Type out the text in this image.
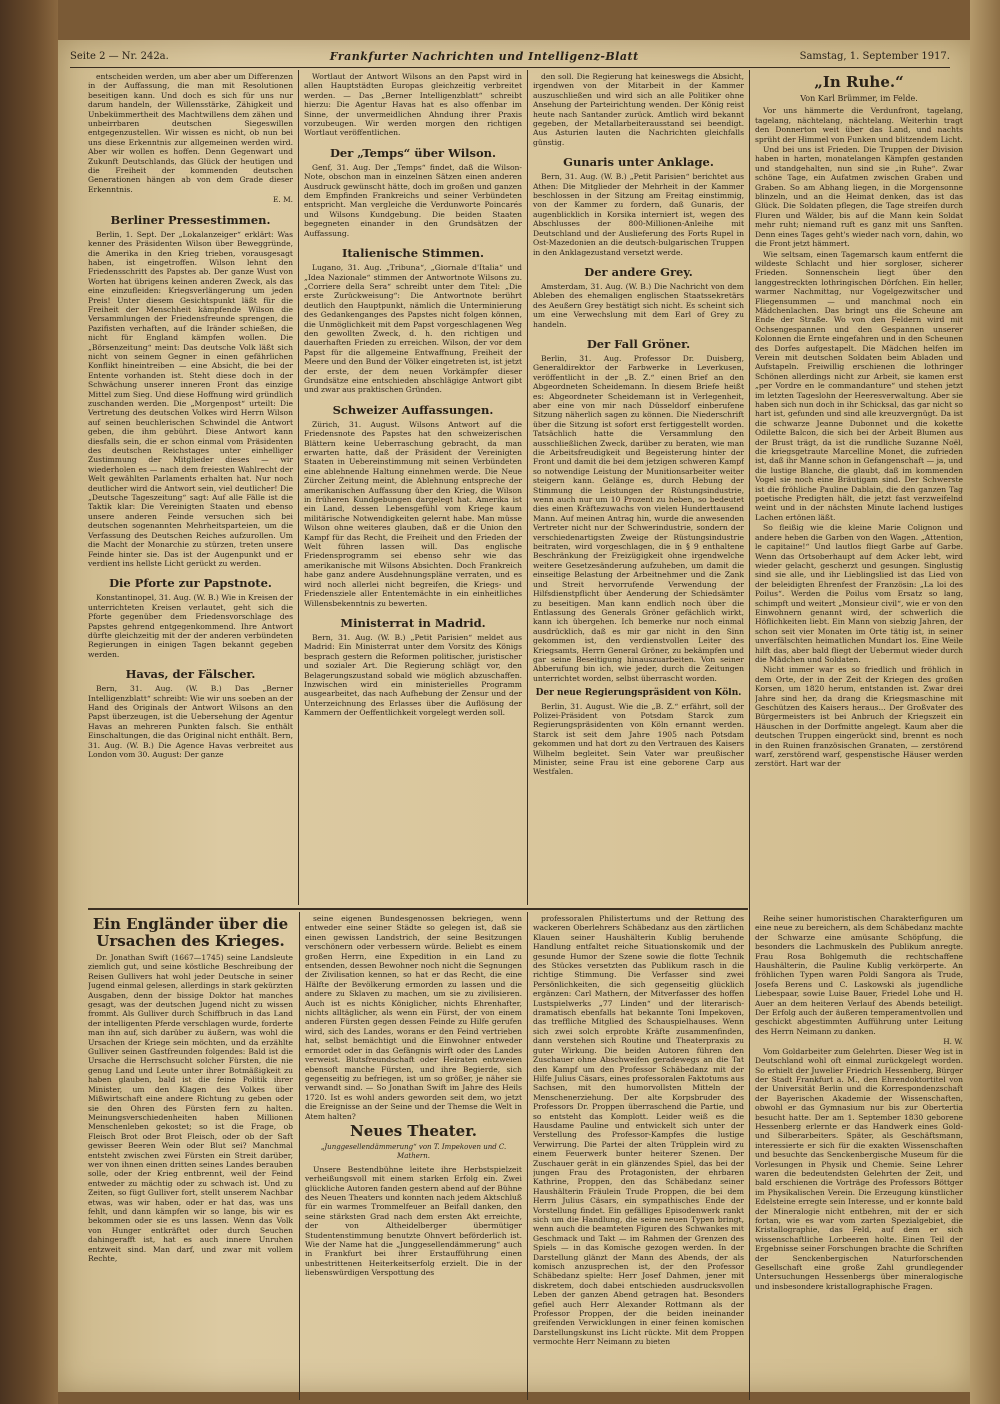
Seite 2 — Nr. 242a.	Frankfurter Nachrichten und Intelligenz-Blatt	Samstag, 1. September 1917.

entscheiden werden, um aber aber um Differenzen in der Auffassung, die man mit Resolutionen beseitigen kann. Und doch es sich für uns nur darum handeln, der Willensstärke, Zähigkeit und Unbekümmertheit des Machtwillens dem zähen und unbeirrbaren deutschen Siegeswillen entgegenzustellen. Wir wissen es nicht, ob nun bei uns diese Erkenntnis zur allgemeinen werden wird. Aber wir wollen es hoffen. Denn Gegenwart und Zukunft Deutschlands, das Glück der heutigen und die Freiheit der kommenden deutschen Generationen hängen ab von dem Grade dieser Erkenntnis.

E. M.
Berliner Pressestimmen.

Berlin, 1. Sept. Der „Lokalanzeiger“ erklärt: Was kenner des Präsidenten Wilson über Beweggründe, die Amerika in den Krieg trieben, vorausgesagt haben, ist eingetroffen. Wilson lehnt den Friedensschritt des Papstes ab. Der ganze Wust von Worten hat übrigens keinen anderen Zweck, als das eine einzufleiden: Kriegsverlängerung um jeden Preis! Unter diesem Gesichtspunkt läßt für die Freiheit der Menschheit kämpfende Wilson die Versammlungen der Friedensfreunde sprengen, die Pazifisten verhaften, auf die Iränder schießen, die nicht für England kämpfen wollen. Die „Börsenzeitung“ meint: Das deutsche Volk läßt sich nicht von seinem Gegner in einen gefährlichen Konflikt hineintreiben — eine Absicht, die bei der Entente vorhanden ist. Steht diese doch in der Schwächung unserer inneren Front das einzige Mittel zum Sieg. Und diese Hoffnung wird gründlich zuschanden werden. Die „Morgenpost“ urteilt: Die Vertretung des deutschen Volkes wird Herrn Wilson auf seinen beuchlerischen Schwindel die Antwort geben, die ihm gebührt. Diese Antwort kann diesfalls sein, die er schon einmal vom Präsidenten des deutschen Reichstages unter einhelliger Zustimmung der Mitglieder dieses — wir wiederholen es — nach dem freiesten Wahlrecht der Welt gewählten Parlaments erhalten hat. Nur noch deutlicher wird die Antwort sein, viel deutlicher! Die „Deutsche Tageszeitung“ sagt: Auf alle Fälle ist die Taktik klar: Die Vereinigten Staaten und ebenso unsere anderen Feinde versuchen sich bei deutschen sogenannten Mehrheitsparteien, um die Verfassung des Deutschen Reiches aufzurollen. Um die Macht der Monarchie zu stürzen, treten unsere Feinde hinter sie. Das ist der Augenpunkt und er verdient ins hellste Licht gerückt zu werden.

Die Pforte zur Papstnote.

Konstantinopel, 31. Aug. (W. B.) Wie in Kreisen der unterrichteten Kreisen verlautet, geht sich die Pforte gegenüber dem Friedensvorschlage des Papstes gehrend entgegenkommend. Ihre Antwort dürfte gleichzeitig mit der der anderen verbündeten Regierungen in einigen Tagen bekannt gegeben werden.

Havas, der Fälscher.

Bern, 31. Aug. (W. B.) Das „Berner Intelligenzblatt“ schreibt: Wie wir uns soeben an der Hand des Originals der Antwort Wilsons an den Papst überzeugen, ist die Uebersehung der Agentur Havas an mehreren Punkten falsch. Sie enthält Einschaltungen, die das Original nicht enthält. Bern, 31. Aug. (W. B.) Die Agence Havas verbreitet aus London vom 30. August: Der ganze

Wortlaut der Antwort Wilsons an den Papst wird in allen Hauptstädten Europas gleichzeitig verbreitet werden. — Das „Berner Intelligenzblatt“ schreibt hierzu: Die Agentur Havas hat es also offenbar im Sinne, der unvermeidlichen Ahndung ihrer Praxis vorzubeugen. Wir werden morgen den richtigen Wortlaut veröffentlichen.

Der „Temps“ über Wilson.

Genf, 31. Aug. Der „Temps“ findet, daß die Wilson-Note, obschon man in einzelnen Sätzen einen anderen Ausdruck gewünscht hätte, doch im großen und ganzen dem Empfinden Frankreichs und seiner Verbündeten entspricht. Man vergleiche die Verdunworte Poincarés und Wilsons Kundgebung. Die beiden Staaten begegneten einander in den Grundsätzen der Auffassung.

Italienische Stimmen.

Lugano, 31. Aug. „Tribuna“, „Giornale d'Italia“ und „Idea Nazionale“ stimmen der Antwortnote Wilsons zu. „Corriere della Sera“ schreibt unter dem Titel: „Die erste Zurückweisung“: Die Antwortnote berührt deutlich den Hauptpunkt, nämlich die Unterminierung des Gedankenganges des Papstes nicht folgen können, die Unmöglichkeit mit dem Papst vorgeschlagenen Weg den gewollten Zweck, d. h. den richtigen und dauerhaften Frieden zu erreichen. Wilson, der vor dem Papst für die allgemeine Entwaffnung, Freiheit der Meere und den Bund der Völker eingetreten ist, ist jetzt der erste, der dem neuen Vorkämpfer dieser Grundsätze eine entschieden abschlägige Antwort gibt und zwar aus praktischen Gründen.

Schweizer Auffassungen.

Zürich, 31. August. Wilsons Antwort auf die Friedensnote des Papstes hat den schweizerischen Blättern keine Ueberraschung gebracht, da man erwarten hatte, daß der Präsident der Vereinigten Staaten in Uebereinstimmung mit seinen Verbündeten eine ablehnende Haltung einnehmen werde. Die Neue Zürcher Zeitung meint, die Ablehnung entspreche der amerikanischen Auffassung über den Krieg, die Wilson in früheren Kundgebungen dargelegt hat. Amerika ist ein Land, dessen Lebensgefühl vom Kriege kaum militärische Notwendigkeiten gelernt habe. Man müsse Wilson ohne weiteres glauben, daß er die Union den Kampf für das Recht, die Freiheit und den Frieden der Welt führen lassen will. Das englische Friedensprogramm sei ebenso sehr wie das amerikanische mit Wilsons Absichten. Doch Frankreich habe ganz andere Ausdehnungspläne verraten, und es wird noch allerlei nicht begreifen, die Kriegs- und Friedensziele aller Ententemächte in ein einheitliches Willensbekenntnis zu bewerten.

Ministerrat in Madrid.

Bern, 31. Aug. (W. B.) „Petit Parisien“ meldet aus Madrid: Ein Ministerrat unter dem Vorsitz des Königs besprach gestern die Reformen politischer, juristischer und sozialer Art. Die Regierung schlägt vor, den Belagerungszustand sobald wie möglich abzuschaffen. Inzwischen wird ein ministerielles Programm ausgearbeitet, das nach Aufhebung der Zensur und der Unterzeichnung des Erlasses über die Auflösung der Kammern der Oeffentlichkeit vorgelegt werden soll.

den soll. Die Regierung hat keineswegs die Absicht, irgendwen von der Mitarbeit in der Kammer auszuschließen und wird sich an alle Politiker ohne Ansehung der Parteirichtung wenden. Der König reist heute nach Santander zurück. Amtlich wird bekannt gegeben, der Metallarbeiterausstand sei beendigt. Aus Asturien lauten die Nachrichten gleichfalls günstig.

Gunaris unter Anklage.

Bern, 31. Aug. (W. B.) „Petit Parisien“ berichtet aus Athen: Die Mitglieder der Mehrheit in der Kammer beschlossen in der Sitzung am Freitag einstimmig, von der Kammer zu fordern, daß Gunaris, der augenblicklich in Korsika interniert ist, wegen des Abschlusses der 800-Millionen-Anleihe mit Deutschland und der Auslieferung des Forts Rupel in Ost-Mazedonien an die deutsch-bulgarischen Truppen in den Anklagezustand versetzt werde.

Der andere Grey.

Amsterdam, 31. Aug. (W. B.) Die Nachricht von dem Ableben des ehemaligen englischen Staatssekretärs des Aeußern Grey bestätigt sich nicht. Es scheint sich um eine Verwechslung mit dem Earl of Grey zu handeln.

Der Fall Gröner.

Berlin, 31. Aug. Professor Dr. Duisberg, Generaldirektor der Farbwerke in Leverkusen, veröffentlicht in der „B. Z.“ einen Brief an den Abgeordneten Scheidemann. In diesem Briefe heißt es: Abgeordneter Scheidemann ist in Verlegenheit, aber eine von mir nach Düsseldorf einberufene Sitzung näherlich sagen zu können. Die Niederschrift über die Sitzung ist sofort erst fertiggestellt worden. Tatsächlich hatte die Versammlung den ausschließlichen Zweck, darüber zu beraten, wie man die Arbeitsfreudigkeit und Begeisterung hinter der Front und damit die bei dem jetzigen schweren Kampf so notwendige Leistung der Munitionsarbeiter weiter steigern kann. Gelänge es, durch Hebung der Stimmung die Leistungen der Rüstungsindustrie, wenn auch nur um 10 Prozent zu heben, so bedeutet dies einen Kräftezuwachs von vielen Hunderttausend Mann. Auf meinen Antrag hin, wurde die anwesenden Vertreter nicht nur der Schwerindustrie, sondern der verschiedenartigsten Zweige der Rüstungsindustrie beitraten, wird vorgeschlagen, die in § 9 enthaltene Beschränkung der Freizügigkeit ohne irgendwelche weitere Gesetzesänderung aufzuheben, um damit die einseitige Belastung der Arbeitnehmer und die Zank und Streit hervorrufende Verwendung der Hilfsdienstpflicht über Aenderung der Schiedsämter zu beseitigen. Man kann endlich noch über die Entlassung des Generals Gröner gefächlich wirkt, kann ich übergehen. Ich bemerke nur noch einmal ausdrücklich, daß es mir gar nicht in den Sinn gekommen ist, den verdienstvollen Leiter des Kriegsamts, Herrn General Gröner, zu bekämpfen und gar seine Beseitigung hinauszuarbeiten. Von seiner Abberufung bin ich, wie jeder, durch die Zeitungen unterrichtet worden, selbst überrascht worden.

Der neue Regierungspräsident von Köln.

Berlin, 31. August. Wie die „B. Z.“ erfährt, soll der Polizei-Präsident von Potsdam Starck zum Regierungspräsidenten von Köln ernannt werden. Starck ist seit dem Jahre 1905 nach Potsdam gekommen und hat dort zu den Vertrauen des Kaisers Wilhelm begleitet. Sein Vater war preußischer Minister, seine Frau ist eine geborene Carp aus Westfalen.

„In Ruhe.“
Von Karl Brümmer, im Felde.

Vor uns hämmerte die Verdunfront, tagelang, tagelang, nächtelang, nächtelang. Weiterhin tragt den Donnerton weit über das Land, und nachts sprüht der Himmel von Funken und blitzendem Licht.

Und bei uns ist Frieden. Die Truppen der Division haben in harten, monatelangen Kämpfen gestanden und standgehalten, nun sind sie „in Ruhe“. Zwar schöne Tage, ein Aufatmen zwischen Graben und Graben. So am Abhang liegen, in die Morgensonne blinzeln, und an die Heimat denken, das ist das Glück. Die Soldaten pflegen, die Tage streifen durch Fluren und Wälder, bis auf die Mann kein Soldat mehr ruht; niemand ruft es ganz mit uns Sanften. Denn eines Tages geht's wieder nach vorn, dahin, wo die Front jetzt hämmert.

Wie seltsam, einen Tagemarsch kaum entfernt die wildeste Schlacht und hier sorgloser, sicherer Frieden. Sonnenschein liegt über den langgestreckten lothringischen Dörfchen. Ein heller, warmer Nachmittag, nur Vogelgezwitscher und Fliegensummen — und manchmal noch ein Mädchenlachen. Das bringt uns die Scheune am Ende der Straße. Wo von den Feldern wird mit Ochsengespannen und den Gespannen unserer Kolonnen die Ernte eingefahren und in den Scheunen des Dorfes aufgestapelt. Die Mädchen helfen im Verein mit deutschen Soldaten beim Abladen und Aufstapeln. Freiwillig erschienen die lothringer Schönen allerdings nicht zur Arbeit, sie kamen erst „per Vordre en le commandanture“ und stehen jetzt im letzten Tageslohn der Heeresverwaltung. Aber sie haben sich nun doch in ihr Schicksal, das gar nicht so hart ist, gefunden und sind alle kreuzvergnügt. Da ist die schwarze Jeanne Dubonnet und die kokette Odilette Balcon, die sich bei der Arbeit Blumen aus der Brust trägt, da ist die rundliche Suzanne Noël, die kriegsgetraute Marcelline Monet, die zufrieden ist, daß ihr Manne schon in Gefangenschaft — ja, und die lustige Blanche, die glaubt, daß im kommenden Vogel sie noch eine Bräutigam sind. Der Schwerste ist die fröhliche Pauline Dablain, die den ganzen Tag poetische Predigten hält, die jetzt fast verzweifelnd weint und in der nächsten Minute lachend lustiges Lachen ertönen läßt.

So fleißig wie die kleine Marie Colignon und andere heben die Garben von den Wagen. „Attention, le capitaine!“ Und lautlos fliegt Garbe auf Garbe. Wenn das Ortsoberhaupt auf dem Acker lebt, wird wieder gelacht, gescherzt und gesungen. Singlustig sind sie alle, und ihr Lieblingslied ist das Lied von der beleidigten Ehrenfest der Französin: „La loi des Poilus“. Werden die Poilus vom Ersatz so lang, schimpft und weitert „Monsieur civil“, wie er von den Einwohnern genannt wird, der schwerlich die Höflichkeiten liebt. Ein Mann von siebzig Jahren, der schon seit vier Monaten im Orte tätig ist, in seiner unverfälschten heimatlichen Mundart los. Eine Weile hilft das, aber bald fliegt der Uebermut wieder durch die Mädchen und Soldaten.

Nicht immer war es so friedlich und fröhlich in dem Orte, der in der Zeit der Kriegen des großen Korsen, um 1820 herum, entstanden ist. Zwar drei Jahre sind her, da drang die Kriegsmaschine mit Geschützen des Kaisers heraus... Der Großvater des Bürgermeisters ist bei Anbruch der Kriegszeit ein Häuschen in der Dorfmitte angelegt. Kaum aber die deutschen Truppen eingerückt sind, brennt es noch in den Ruinen französischen Granaten, — zerstörend warf, zerstörend warf, gespenstische Häuser werden zerstört. Hart war der

Ein Engländer über die Ursachen des Krieges.

Dr. Jonathan Swift (1667—1745) seine Landsleute ziemlich gut, und seine köstliche Beschreibung der Reisen Gullivers hat wohl jeder Deutsche in seiner Jugend einmal gelesen, allerdings in stark gekürzten Ausgaben, denn der bissige Doktor hat manches gesagt, was der deutschen Jugend nicht zu wissen frommt. Als Gulliver durch Schiffbruch in das Land der intelligenten Pferde verschlagen wurde, forderte man ihn auf, sich darüber zu äußern, was wohl die Ursachen der Kriege sein möchten, und da erzählte Gulliver seinen Gastfreunden folgendes: Bald ist die Ursache die Herrschsucht solcher Fürsten, die nie genug Land und Leute unter ihrer Botmäßigkeit zu haben glauben, bald ist die feine Politik ihrer Minister, um den Klagen des Volkes über Mißwirtschaft eine andere Richtung zu geben oder sie den Ohren des Fürsten fern zu halten. Meinungsverschiedenheiten haben Millionen Menschenleben gekostet; so ist die Frage, ob Fleisch Brot oder Brot Fleisch, oder ob der Saft gewisser Beeren Wein oder Blut sei? Manchmal entsteht zwischen zwei Fürsten ein Streit darüber, wer von ihnen einen dritten seines Landes berauben solle, oder der Krieg entbrennt, weil der Feind entweder zu mächtig oder zu schwach ist. Und zu Zeiten, so fügt Gulliver fort, stellt unserem Nachbar etwas, was wir haben, oder er hat das, was uns fehlt, und dann kämpfen wir so lange, bis wir es bekommen oder sie es uns lassen. Wenn das Volk von Hunger entkräftet oder durch Seuchen dahingerafft ist, hat es auch innere Unruhen entzweit sind. Man darf, und zwar mit vollem Rechte,

seine eigenen Bundesgenossen bekriegen, wenn entweder eine seiner Städte so gelegen ist, daß sie einen gewissen Landstrich, der seine Besitzungen verschönern oder verbessern würde. Beliebt es einem großen Herrn, eine Expedition in ein Land zu entsenden, dessen Bewohner noch nicht die Segnungen der Zivilisation kennen, so hat er das Recht, die eine Hälfte der Bevölkerung ermorden zu lassen und die andere zu Sklaven zu machen, um sie zu zivilisieren. Auch ist es nichts Königlicher, nichts Ehrenhafter, nichts alltäglicher, als wenn ein Fürst, der von einem anderen Fürsten gegen dessen Feinde zu Hilfe gerufen wird, sich des Landes, worans er den Feind vertrieben hat, selbst bemächtigt und die Einwohner entweder ermordet oder in das Gefängnis wirft oder des Landes verweist. Blutsfreundschaft oder Heiraten entzweien ebensoft manche Fürsten, und ihre Begierde, sich gegenseitig zu befriegen, ist um so größer, je näher sie verwandt sind. — So Jonathan Swift im Jahre des Heils 1720. Ist es wohl anders geworden seit dem, wo jetzt die Ereignisse an der Seine und der Themse die Welt in Atem halten?

Neues Theater.
„Junggesellendämmerung“ von T. Impekoven und C. Mathern.

Unsere Bestendbühne leitete ihre Herbstspielzeit verheißungsvoll mit einem starken Erfolg ein. Zwei glückliche Autoren fanden gestern abend auf der Bühne des Neuen Theaters und konnten nach jedem Aktschluß für ein warmes Trommelfeuer an Beifall danken, den seine stärksten Grad nach dem ersten Akt erreichte, der von Altheidelberger übermütiger Studentenstimmung benutzte Ohnvert beförderlich ist. Wie der Name hat die „Junggesellendämmerung“ auch in Frankfurt bei ihrer Erstaufführung einen unbestrittenen Heiterkeitserfolg erzielt. Die in der liebenswürdigen Verspottung des

professoralen Philistertums und der Rettung des wackeren Oberlehrers Schäbedanz aus den zärtlichen Klauen seiner Haushälterin Kublig beruhende Handlung entfaltet reiche Situationskomik und der gesunde Humor der Szene sowie die flotte Technik des Stückes versetzten das Publikum rasch in die richtige Stimmung. Die Verfasser sind zwei Persönlichkeiten, die sich gegenseitig glücklich ergänzen: Carl Mathern, der Mitverfasser des hoffen Lustspielwerks „77 Linden“ und der literarisch-dramatisch ebenfalls hat bekannte Toni Impekoven, das treffliche Mitglied des Schauspielhauses. Wenn sich zwei solch erprobte Kräfte zusammenfinden, dann verstehen sich Routine und Theaterpraxis zu guter Wirkung. Die beiden Autoren führen den Zuschauer ohne Abschweifen geradewegs an die Tat den Kampf um den Professor Schäbedanz mit der Hilfe Julius Cäsars, eines professoralen Faktotums aus Sachsen, mit den humorvollsten Mitteln der Menschenerziehung. Der alte Korpsbruder des Professors Dr. Proppen überraschend die Partie, und so entsteht das Komplott. Leider weiß es die Hausdame Pauline und entwickelt sich unter der Verstellung des Professor-Kampfes die lustige Verwirrung. Die Partei der alten Trüpplein wird zu einem Feuerwerk bunter heiterer Szenen. Der Zuschauer gerät in ein glänzendes Spiel, das bei der jungen Frau des Protagonisten, der ehrbaren Kathrine, Proppen, den das Schäbedanz seiner Haushälterin Fräulein Trude Proppen, die bei dem Herrn Julius Cäsars, ein sympathisches Ende der Vorstellung findet. Ein gefälliges Episodenwerk rankt sich um die Handlung, die seine neuen Typen bringt, wenn auch die beamteten Figuren des Schwankes mit Geschmack und Takt — im Rahmen der Grenzen des Spiels — in das Komische gezogen werden. In der Darstellung glänzt der Mann des Abends, der als komisch anzusprechen ist, der den Professor Schäbedanz spielte: Herr Josef Dahmen, jener mit diskretem, doch dabei entschieden ausdrucksvollen Leben der ganzen Abend getragen hat. Besonders gefiel auch Herr Alexander Rottmann als der Professor Proppen, der die beiden ineinander greifenden Verwicklungen in einer feinen komischen Darstellungskunst ins Licht rückte. Mit dem Proppen vermochte Herr Neimann zu bieten

Reihe seiner humoristischen Charakterfiguren um eine neue zu bereichern, als dem Schäbedanz machte der Schwarze eine amüsante Schöpfung, die besonders die Lachmuskeln des Publikum anregte. Frau Rosa Bohlgemuth die rechtschaffene Haushälterin, die Pauline Kublig verkörperte. An fröhlichen Typen waren Poldi Sangora als Trude, Josefa Berens und C. Laskowski als jugendliche Liebespaar, sowie Luise Bauer, Friedel Lohe und H. Auer an dem heiteren Verlauf des Abends beteiligt. Der Erfolg auch der äußeren temperamentvollen und geschickt abgestimmten Aufführung unter Leitung des Herrn Neimann zu danken.

H. W.

Vom Goldarbeiter zum Gelehrten. Dieser Weg ist in Deutschland wohl oft einmal zurückgelegt worden. So erhielt der Juwelier Friedrich Hessenberg, Bürger der Stadt Frankfurt a. M., den Ehrendoktortitel von der Universität Berlin und die Korrespondenzschaft der Bayerischen Akademie der Wissenschaften, obwohl er das Gymnasium nur bis zur Obertertia besucht hatte. Der am 1. September 1830 geborene Hessenberg erlernte er das Handwerk eines Gold- und Silberarbeiters. Später, als Geschäftsmann, interessierte er sich für die exakten Wissenschaften und besuchte das Senckenbergische Museum für die Vorlesungen in Physik und Chemie. Seine Lehrer waren die bedeutendsten Gelehrten der Zeit, und bald erschienen die Vorträge des Professors Böttger im Physikalischen Verein. Die Erzeugung künstlicher Edelsteine erregte sein Interesse, und er konnte bald der Mineralogie nicht entbehren, mit der er sich fortan, wie es war vom zarten Spezialgebiet, die Kristallographie, das Feld, auf dem er sich wissenschaftliche Lorbeeren holte. Einen Teil der Ergebnisse seiner Forschungen brachte die Schriften der Senckenbergischen Naturforschenden Gesellschaft eine große Zahl grundlegender Untersuchungen Hessenbergs über mineralogische und insbesondere kristallographische Fragen.
